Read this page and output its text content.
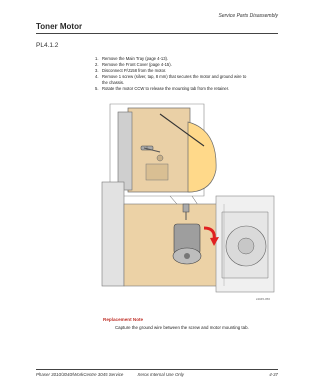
Service Parts Disassembly
Toner Motor
PL4.1.2
1. Remove the Main Tray (page 4-13).
2. Remove the Front Cover (page 4-15).
3. Disconnect P/J158 from the motor.
4. Remove 1 screw (silver, tap, 8 mm) that secures the motor and ground wire to
the chassis.
5. Rotate the motor CCW to release the mounting tab from the retainer.
s3045-056
Replacement Note
Capture the ground wire between the screw and motor mounting tab.
Phaser 3010/3040/WorkCentre 3045 Service	Xerox Internal Use Only	4-37
